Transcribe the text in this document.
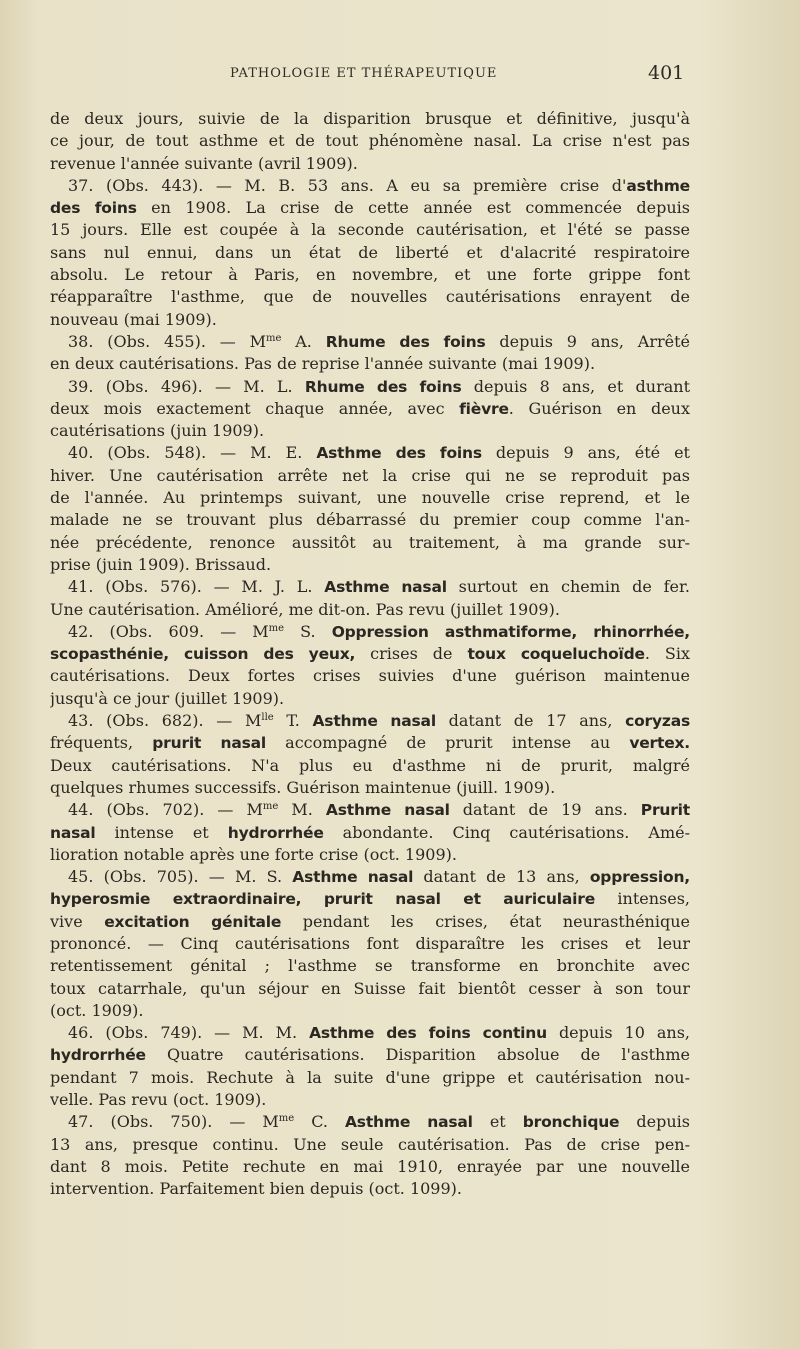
PATHOLOGIE ET THÉRAPEUTIQUE	401
de deux jours, suivie de la disparition brusque et définitive, jusqu'à
ce jour, de tout asthme et de tout phénomène nasal. La crise n'est pas
revenue l'année suivante (avril 1909).
37. (Obs. 443). — M. B. 53 ans. A eu sa première crise d'asthme
des foins en 1908. La crise de cette année est commencée depuis
15 jours. Elle est coupée à la seconde cautérisation, et l'été se passe
sans nul ennui, dans un état de liberté et d'alacrité respiratoire
absolu. Le retour à Paris, en novembre, et une forte grippe font
réapparaître l'asthme, que de nouvelles cautérisations enrayent de
nouveau (mai 1909).
38. (Obs. 455). — $M^{me}$ A. Rhume des foins depuis 9 ans, Arrêté
en deux cautérisations. Pas de reprise l'année suivante (mai 1909).
39. (Obs. 496). — M. L. Rhume des foins depuis 8 ans, et durant
deux mois exactement chaque année, avec fièvre. Guérison en deux
cautérisations (juin 1909).
40. (Obs. 548). — M. E. Asthme des foins depuis 9 ans, été et
hiver. Une cautérisation arrête net la crise qui ne se reproduit pas
de l'année. Au printemps suivant, une nouvelle crise reprend, et le
malade ne se trouvant plus débarrassé du premier coup comme l'an-
née précédente, renonce aussitôt au traitement, à ma grande sur-
prise (juin 1909). Brissaud.
41. (Obs. 576). — M. J. L. Asthme nasal surtout en chemin de fer.
Une cautérisation. Amélioré, me dit-on. Pas revu (juillet 1909).
42. (Obs. 609. — $M^{me}$ S. Oppression asthmatiforme, rhinorrhée,
scopasthénie, cuisson des yeux, crises de toux coqueluchoïde. Six
cautérisations. Deux fortes crises suivies d'une guérison maintenue
jusqu'à ce jour (juillet 1909).
43. (Obs. 682). — $M^{lle}$ T. Asthme nasal datant de 17 ans, coryzas
fréquents, prurit nasal accompagné de prurit intense au vertex.
Deux cautérisations. N'a plus eu d'asthme ni de prurit, malgré
quelques rhumes successifs. Guérison maintenue (juill. 1909).
44. (Obs. 702). — $M^{me}$ M. Asthme nasal datant de 19 ans. Prurit
nasal intense et hydrorrhée abondante. Cinq cautérisations. Amé-
lioration notable après une forte crise (oct. 1909).
45. (Obs. 705). — M. S. Asthme nasal datant de 13 ans, oppression,
hyperosmie extraordinaire, prurit nasal et auriculaire intenses,
vive excitation génitale pendant les crises, état neurasthénique
prononcé. — Cinq cautérisations font disparaître les crises et leur
retentissement génital ; l'asthme se transforme en bronchite avec
toux catarrhale, qu'un séjour en Suisse fait bientôt cesser à son tour
(oct. 1909).
46. (Obs. 749). — M. M. Asthme des foins continu depuis 10 ans,
hydrorrhée Quatre cautérisations. Disparition absolue de l'asthme
pendant 7 mois. Rechute à la suite d'une grippe et cautérisation nou-
velle. Pas revu (oct. 1909).
47. (Obs. 750). — $M^{me}$ C. Asthme nasal et bronchique depuis
13 ans, presque continu. Une seule cautérisation. Pas de crise pen-
dant 8 mois. Petite rechute en mai 1910, enrayée par une nouvelle
intervention. Parfaitement bien depuis (oct. 1099).
